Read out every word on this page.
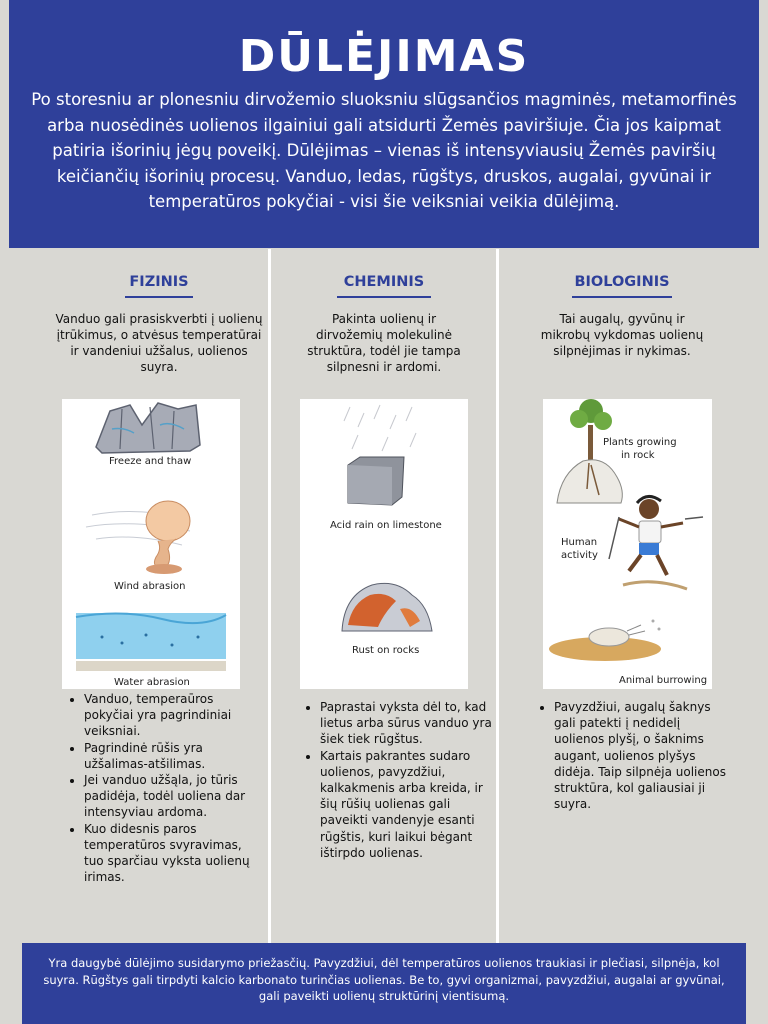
DŪLĖJIMAS
Po storesniu ar plonesniu dirvožemio sluoksniu slūgsančios magminės, metamorfinės arba nuosėdinės uolienos ilgainiui gali atsidurti Žemės paviršiuje. Čia jos kaipmat patiria išorinių jėgų poveikį. Dūlėjimas – vienas iš intensyviausių Žemės paviršių keičiančių išorinių procesų. Vanduo, ledas, rūgštys, druskos, augalai, gyvūnai ir temperatūros pokyčiai - visi šie veiksniai veikia dūlėjimą.
FIZINIS
Vanduo gali prasiskverbti į uolienų įtrūkimus, o atvėsus temperatūrai ir vandeniui užšalus, uolienos suyra.
Freeze and thaw
Wind abrasion
Water abrasion
• Vanduo, temperaūros pokyčiai yra pagrindiniai veiksniai.
• Pagrindinė rūšis yra užšalimas-atšilimas.
• Jei vanduo užšąla, jo tūris padidėja, todėl uoliena dar intensyviau ardoma.
• Kuo didesnis paros temperatūros svyravimas, tuo sparčiau vyksta uolienų irimas.
CHEMINIS
Pakinta uolienų ir dirvožemių molekulinė struktūra, todėl jie tampa silpnesni ir ardomi.
Acid rain on limestone
Rust on rocks
• Paprastai vyksta dėl to, kad lietus arba sūrus vanduo yra šiek tiek rūgštus.
• Kartais pakrantes sudaro uolienos, pavyzdžiui, kalkakmenis arba kreida, ir šių rūšių uolienas gali paveikti vandenyje esanti rūgštis, kuri laikui bėgant ištirpdo uolienas.
BIOLOGINIS
Tai augalų, gyvūnų ir mikrobų vykdomas uolienų silpnėjimas ir nykimas.
Plants growing
in rock
Human
activity
Animal burrowing
• Pavyzdžiui, augalų šaknys gali patekti į nedidelį uolienos plyšį, o šaknims augant, uolienos plyšys didėja. Taip silpnėja uolienos struktūra, kol galiausiai ji suyra.
Yra daugybė dūlėjimo susidarymo priežasčių. Pavyzdžiui, dėl temperatūros uolienos traukiasi ir plečiasi, silpnėja, kol suyra. Rūgštys gali tirpdyti kalcio karbonato turinčias uolienas. Be to, gyvi organizmai, pavyzdžiui, augalai ar gyvūnai, gali paveikti uolienų struktūrinį vientisumą.
